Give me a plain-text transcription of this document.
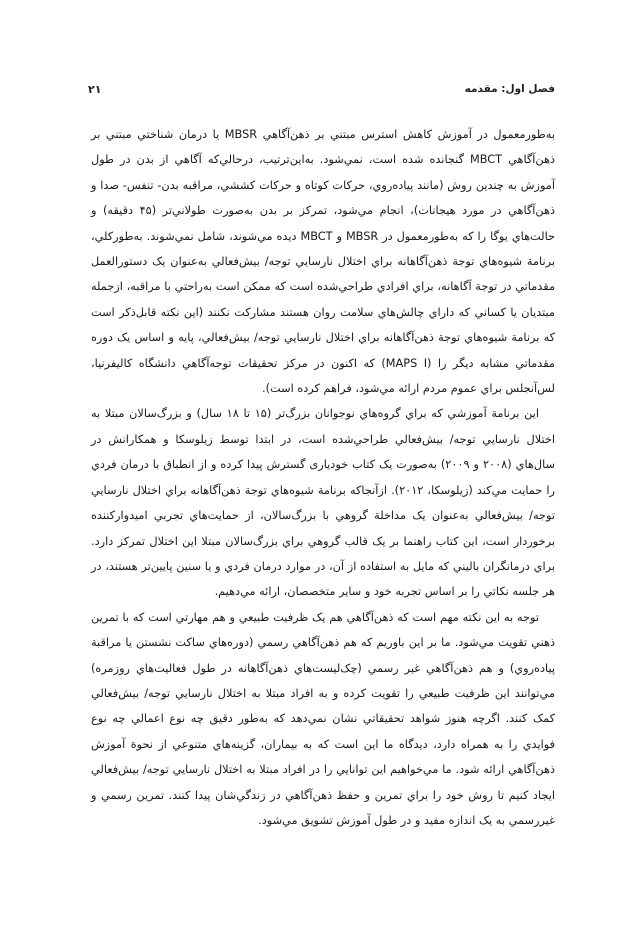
فصل اول: مقدمه
۲۱

به‌طورمعمول در آموزش کاهش استرس مبتني بر ذهن‌آگاهي MBSR يا درمان شناختي مبتني بر ذهن‌آگاهي MBCT گنجانده شده است، نمي‌شود. به‌اين‌ترتيب، درحالي‌که آگاهي از بدن در طول آموزش به چندين روش (مانند پياده‌روي، حركات كوتاه و حركات كششي، مراقبه بدن- تنفس- صدا و ذهن‌آگاهي در مورد هيجانات)، انجام مي‌شود، تمركز بر بدن به‌صورت طولاني‌تر (۴۵ دقيقه) و حالت‌هاي يوگا را كه به‌طورمعمول در MBSR و MBCT ديده مي‌شوند، شامل نمي‌شوند. به‌طوركلي، برنامة شيوه‌هاي توجة ذهن‌آگاهانه براي اختلال نارسايي توجه/ بيش‌فعالي به‌عنوان يک دستورالعمل مقدماتي در توجة آگاهانه، براي افرادي طراحي‌شده است كه ممكن است به‌راحتي با مراقبه، ازجمله مبتديان يا كساني كه داراي چالش‌هاي سلامت روان هستند مشاركت نكنند (اين نكته قابل‌ذكر است كه برنامة شيوه‌هاي توجة ذهن‌آگاهانه براي اختلال نارسايي توجه/ بيش‌فعالي، پايه و اساس يک دوره مقدماتي مشابه ديگر را (MAPS I) كه اكنون در مركز تحقيقات توجه‌آگاهي دانشگاه كاليفرنيا، لس‌آنجلس براي عموم مردم ارائه مي‌شود، فراهم كرده است).

اين برنامة آموزشي كه براي گروه‌هاي نوجوانان بزرگ‌تر (۱۵ تا ۱۸ سال) و بزرگ‌سالان مبتلا به اختلال نارسايي توجه/ بيش‌فعالي طراحي‌شده است، در ابتدا توسط زيلوسكا و همكارانش در سال‌هاي (۲۰۰۸ و ۲۰۰۹) به‌صورت يک كتاب خوديارى گسترش پيدا كرده و از انطباق با درمان فردي را حمايت مي‌كند (زيلوسكا، ۲۰۱۲). ازآنجاكه برنامة شيوه‌هاي توجة ذهن‌آگاهانه براي اختلال نارسايي توجه/ بيش‌فعالي به‌عنوان يک مداخلة گروهي با بزرگ‌سالان، از حمايت‌هاي تجربي اميدواركننده برخوردار است، اين كتاب راهنما بر يک قالب گروهي براي بزرگ‌سالان مبتلا اين اختلال تمركز دارد. براي درمانگران باليني كه مايل به استفاده از آن، در موارد درمان فردي و يا سنين پايين‌تر هستند، در هر جلسه نكاتي را بر اساس تجربه خود و ساير متخصصان، ارائه مي‌دهيم.

توجه به اين نكته مهم است كه ذهن‌آگاهي هم يک ظرفيت طبيعي و هم مهارتي است كه با تمرين ذهني تقويت مي‌شود. ما بر اين باوريم كه هم ذهن‌آگاهي رسمي (دوره‌هاي ساكت نشستن يا مراقبة پياده‌روي) و هم ذهن‌آگاهي غير رسمي (چک‌ليست‌هاي ذهن‌آگاهانه در طول فعاليت‌هاي روزمره) مي‌توانند اين ظرفيت طبيعي را تقويت كرده و به افراد مبتلا به اختلال نارسايي توجه/ بيش‌فعالي كمک كنند. اگرچه هنوز شواهد تحقيقاتي نشان نمي‌دهد كه به‌طور دقيق چه نوع اعمالي چه نوع فوايدي را به همراه دارد، ديدگاه ما اين است كه به بيماران، گزينه‌هاي متنوعي از نحوة آموزش ذهن‌آگاهي ارائه شود. ما مي‌خواهيم اين توانايي را در افراد مبتلا به اختلال نارسايي توجه/ بيش‌فعالي ايجاد كنيم تا روش خود را براي تمرين و حفظ ذهن‌آگاهي در زندگي‌شان پيدا كنند. تمرين رسمي و غيررسمي به يک اندازه مفيد و در طول آموزش تشويق مي‌شود.
